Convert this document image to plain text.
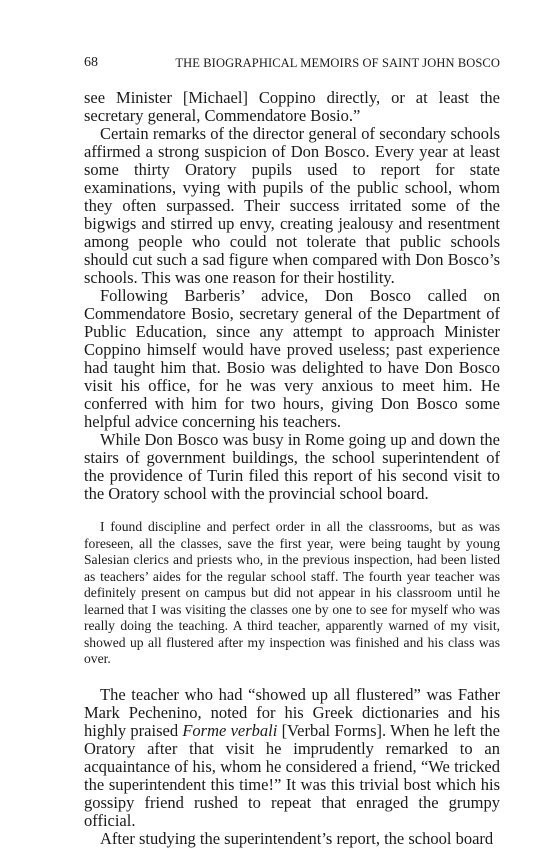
68	THE BIOGRAPHICAL MEMOIRS OF SAINT JOHN BOSCO

see Minister [Michael] Coppino directly, or at least the secretary general, Commendatore Bosio.”

Certain remarks of the director general of secondary schools affirmed a strong suspicion of Don Bosco. Every year at least some thirty Oratory pupils used to report for state examinations, vying with pupils of the public school, whom they often surpassed. Their success irritated some of the bigwigs and stirred up envy, creating jealousy and resentment among people who could not tolerate that public schools should cut such a sad figure when compared with Don Bosco’s schools. This was one reason for their hostility.

Following Barberis’ advice, Don Bosco called on Commendatore Bosio, secretary general of the Department of Public Education, since any attempt to approach Minister Coppino himself would have proved useless; past experience had taught him that. Bosio was delighted to have Don Bosco visit his office, for he was very anxious to meet him. He conferred with him for two hours, giving Don Bosco some helpful advice concerning his teachers.

While Don Bosco was busy in Rome going up and down the stairs of government buildings, the school superintendent of the providence of Turin filed this report of his second visit to the Oratory school with the provincial school board.

I found discipline and perfect order in all the classrooms, but as was foreseen, all the classes, save the first year, were being taught by young Salesian clerics and priests who, in the previous inspection, had been listed as teachers’ aides for the regular school staff. The fourth year teacher was definitely present on campus but did not appear in his classroom until he learned that I was visiting the classes one by one to see for myself who was really doing the teaching. A third teacher, apparently warned of my visit, showed up all flustered after my inspection was finished and his class was over.

The teacher who had “showed up all flustered” was Father Mark Pechenino, noted for his Greek dictionaries and his highly praised Forme verbali [Verbal Forms]. When he left the Oratory after that visit he imprudently remarked to an acquaintance of his, whom he considered a friend, “We tricked the superintendent this time!” It was this trivial bost which his gossipy friend rushed to repeat that enraged the grumpy official.

After studying the superintendent’s report, the school board
